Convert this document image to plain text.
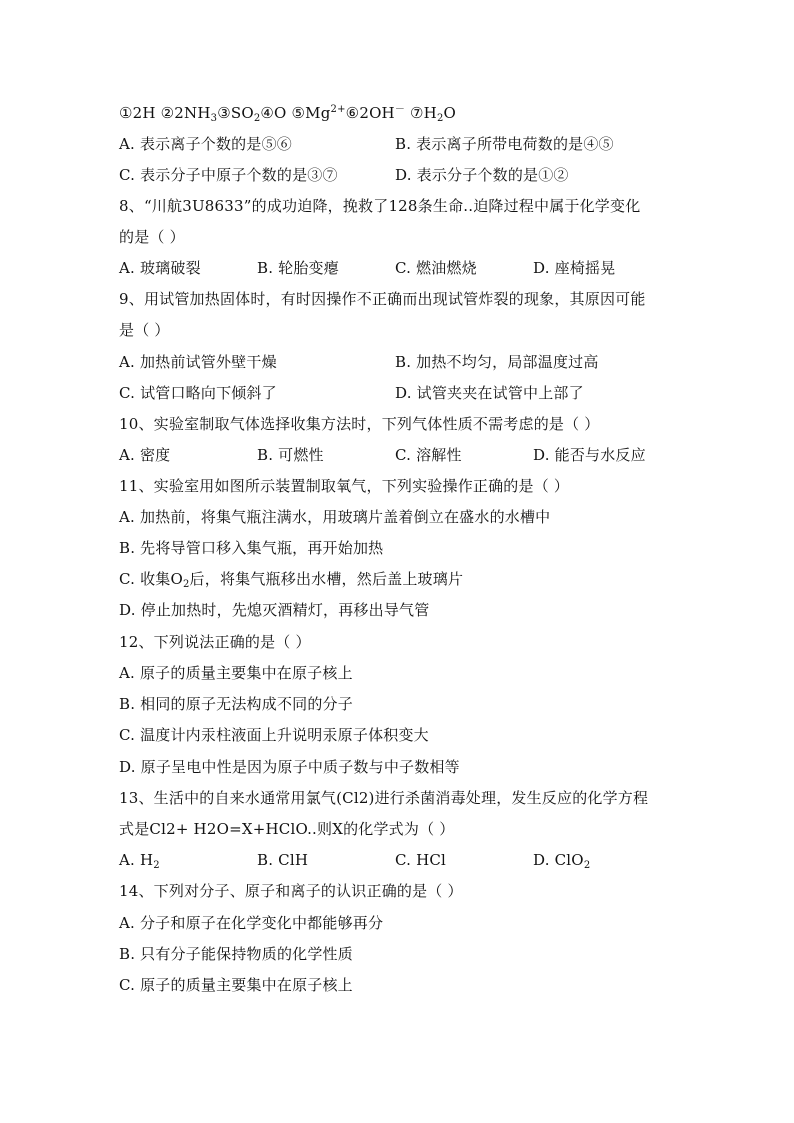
①2H $②2NH_3③SO_2④O$ $⑤Mg^{2+}⑥2OH^-$ $⑦H_2O$
A. 表示离子个数的是⑤⑥	B. 表示离子所带电荷数的是④⑤
C. 表示分子中原子个数的是③⑦	D. 表示分子个数的是①②
8、“川航3U8633”的成功迫降，挽救了128条生命..迫降过程中属于化学变化
的是（ ）
A. 玻璃破裂	B. 轮胎变瘪	C. 燃油燃烧	D. 座椅摇晃
9、用试管加热固体时，有时因操作不正确而出现试管炸裂的现象，其原因可能
是（ ）
A. 加热前试管外壁干燥	B. 加热不均匀，局部温度过高
C. 试管口略向下倾斜了	D. 试管夹夹在试管中上部了
10、实验室制取气体选择收集方法时，下列气体性质不需考虑的是（ ）
A. 密度	B. 可燃性	C. 溶解性	D. 能否与水反应
11、实验室用如图所示装置制取氧气，下列实验操作正确的是（ ）
A. 加热前，将集气瓶注满水，用玻璃片盖着倒立在盛水的水槽中
B. 先将导管口移入集气瓶，再开始加热
C. 收集$O_2$后，将集气瓶移出水槽，然后盖上玻璃片
D. 停止加热时，先熄灭酒精灯，再移出导气管
12、下列说法正确的是（ ）
A. 原子的质量主要集中在原子核上
B. 相同的原子无法构成不同的分子
C. 温度计内汞柱液面上升说明汞原子体积变大
D. 原子呈电中性是因为原子中质子数与中子数相等
13、生活中的自来水通常用氯气(Cl2)进行杀菌消毒处理，发生反应的化学方程
式是Cl2+ H2O=X+HClO..则X的化学式为（ ）
A. $H_2$	B. ClH	C. HCl	D. ClO$_2$
14、下列对分子、原子和离子的认识正确的是（ ）
A. 分子和原子在化学变化中都能够再分
B. 只有分子能保持物质的化学性质
C. 原子的质量主要集中在原子核上
